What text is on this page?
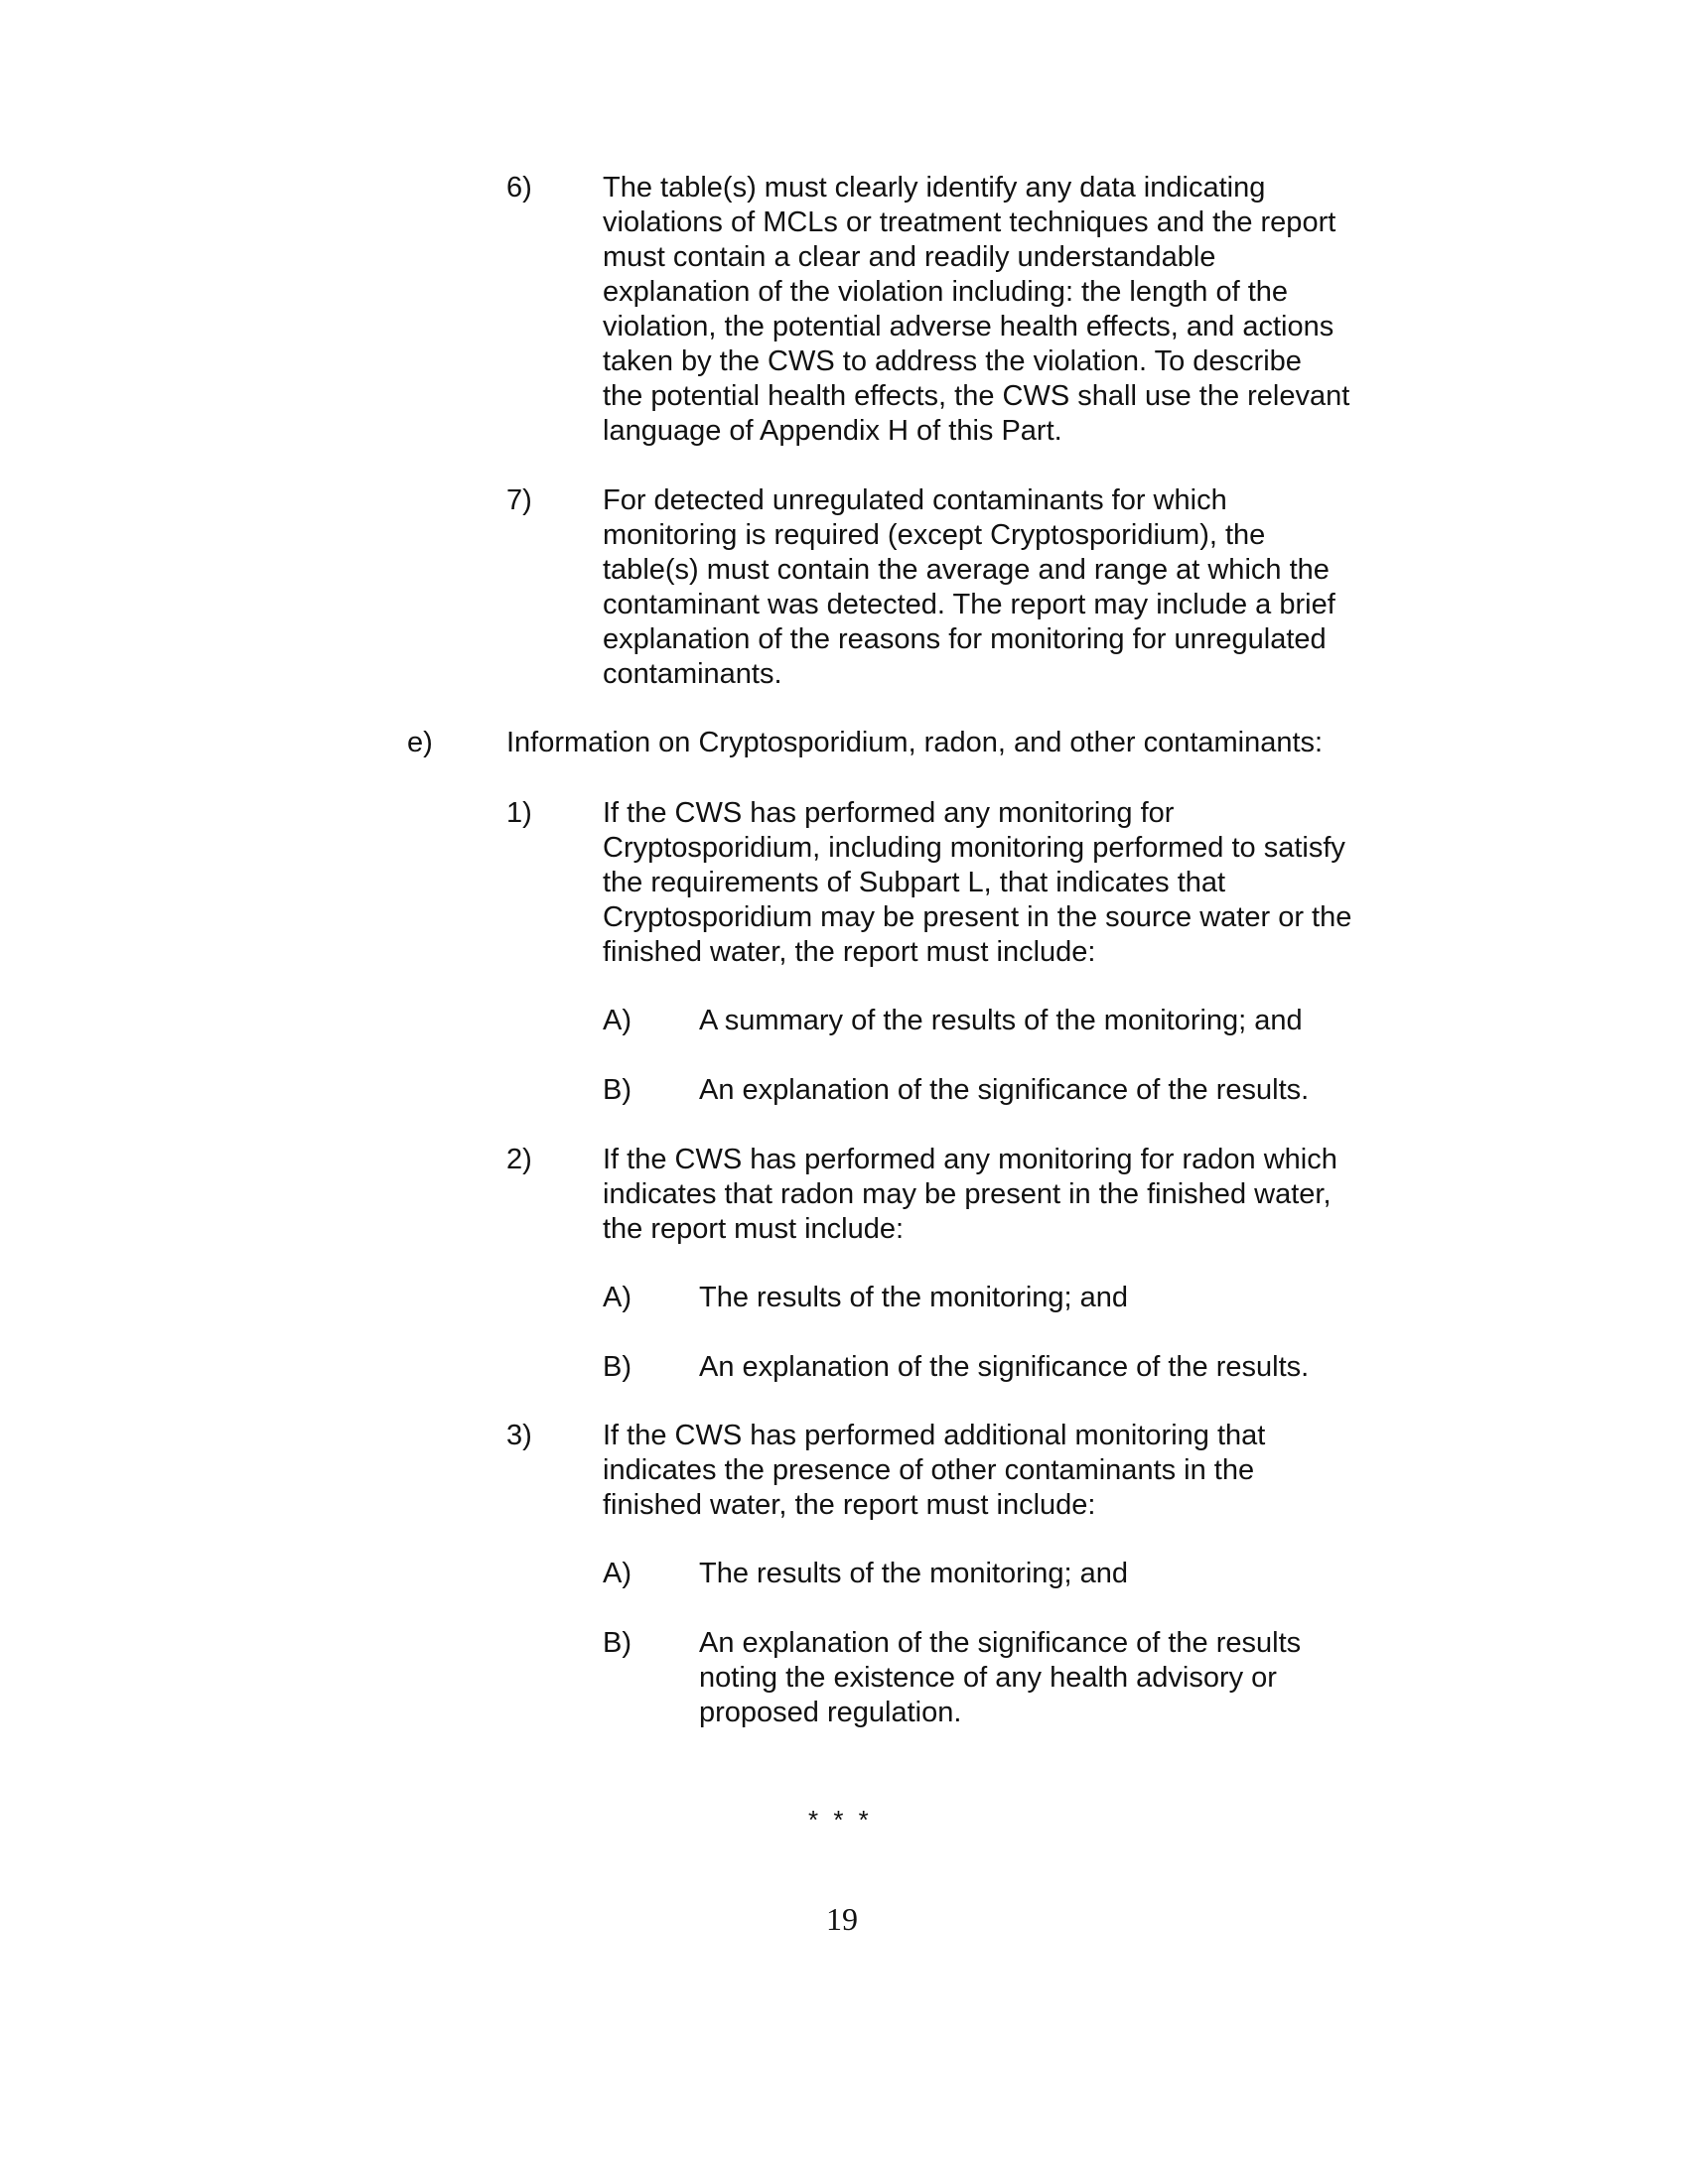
6) The table(s) must clearly identify any data indicating
violations of MCLs or treatment techniques and the report
must contain a clear and readily understandable
explanation of the violation including: the length of the
violation, the potential adverse health effects, and actions
taken by the CWS to address the violation. To describe
the potential health effects, the CWS shall use the relevant
language of Appendix H of this Part.
7) For detected unregulated contaminants for which
monitoring is required (except Cryptosporidium), the
table(s) must contain the average and range at which the
contaminant was detected. The report may include a brief
explanation of the reasons for monitoring for unregulated
contaminants.
e)	Information on Cryptosporidium, radon, and other contaminants:
1) If the CWS has performed any monitoring for
Cryptosporidium, including monitoring performed to satisfy
the requirements of Subpart L, that indicates that
Cryptosporidium may be present in the source water or the
finished water, the report must include:
A) A summary of the results of the monitoring; and
B) An explanation of the significance of the results.
2) If the CWS has performed any monitoring for radon which
indicates that radon may be present in the finished water,
the report must include:
A) The results of the monitoring; and
B) An explanation of the significance of the results.
3) If the CWS has performed additional monitoring that
indicates the presence of other contaminants in the
finished water, the report must include:
A) The results of the monitoring; and
B) An explanation of the significance of the results
noting the existence of any health advisory or
proposed regulation.
* * *
19
